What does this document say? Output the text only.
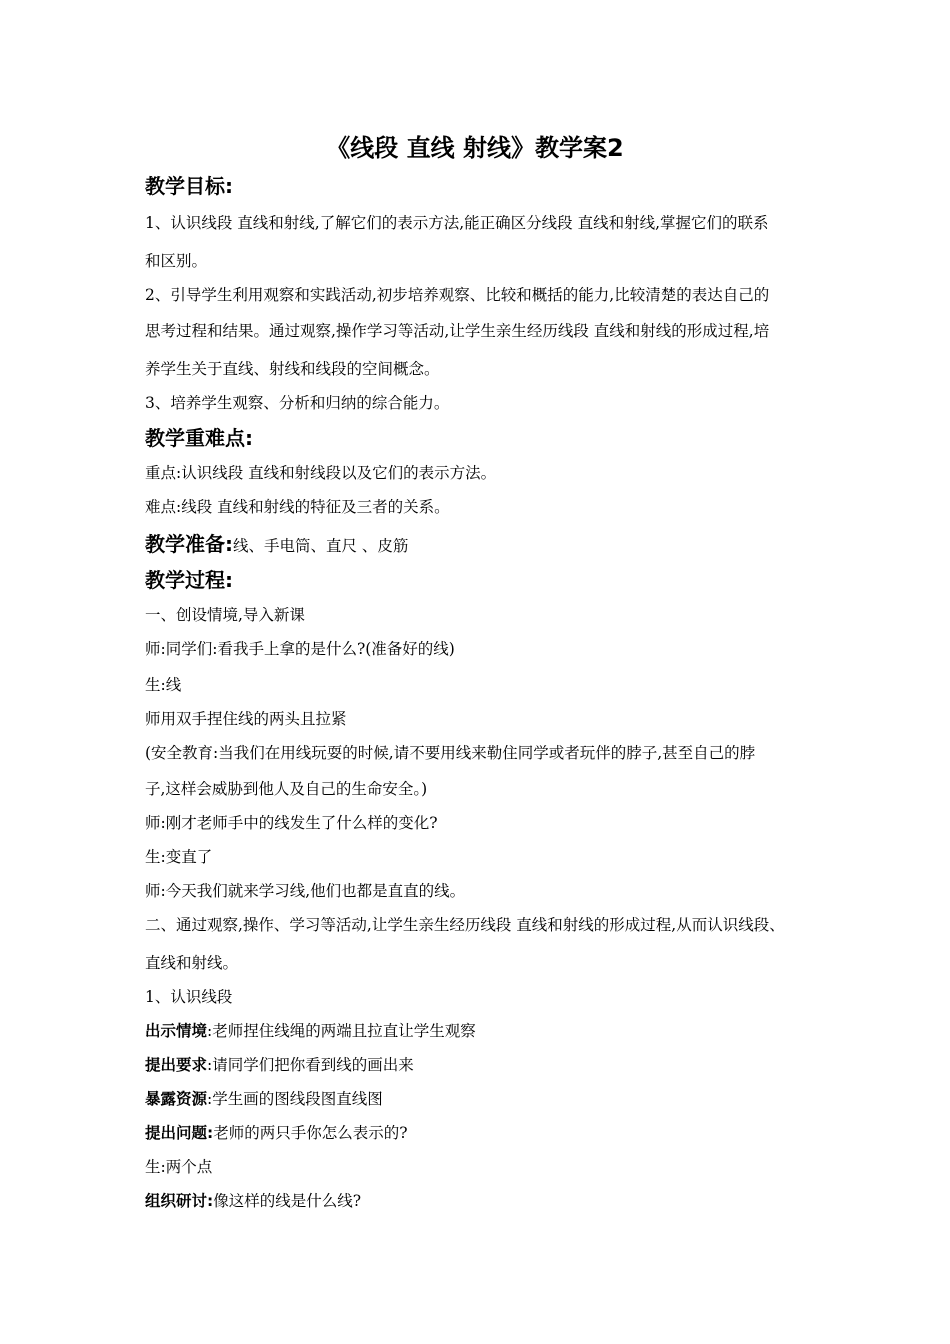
《线段 直线 射线》教学案2
教学目标:
1、认识线段 直线和射线,了解它们的表示方法,能正确区分线段 直线和射线,掌握它们的联系
和区别。
2、引导学生利用观察和实践活动,初步培养观察、比较和概括的能力,比较清楚的表达自己的
思考过程和结果。通过观察,操作学习等活动,让学生亲生经历线段 直线和射线的形成过程,培
养学生关于直线、射线和线段的空间概念。
3、培养学生观察、分析和归纳的综合能力。
教学重难点:
重点:认识线段 直线和射线段以及它们的表示方法。
难点:线段 直线和射线的特征及三者的关系。
教学准备:线、手电筒、直尺 、皮筋
教学过程:
一、创设情境,导入新课
师:同学们:看我手上拿的是什么?(准备好的线)
生:线
师用双手捏住线的两头且拉紧
(安全教育:当我们在用线玩耍的时候,请不要用线来勒住同学或者玩伴的脖子,甚至自己的脖
子,这样会威胁到他人及自己的生命安全。)
师:刚才老师手中的线发生了什么样的变化?
生:变直了
师:今天我们就来学习线,他们也都是直直的线。
二、通过观察,操作、学习等活动,让学生亲生经历线段 直线和射线的形成过程,从而认识线段、
直线和射线。
1、认识线段
出示情境:老师捏住线绳的两端且拉直让学生观察
提出要求:请同学们把你看到线的画出来
暴露资源:学生画的图线段图直线图
提出问题:老师的两只手你怎么表示的?
生:两个点
组织研讨:像这样的线是什么线?
